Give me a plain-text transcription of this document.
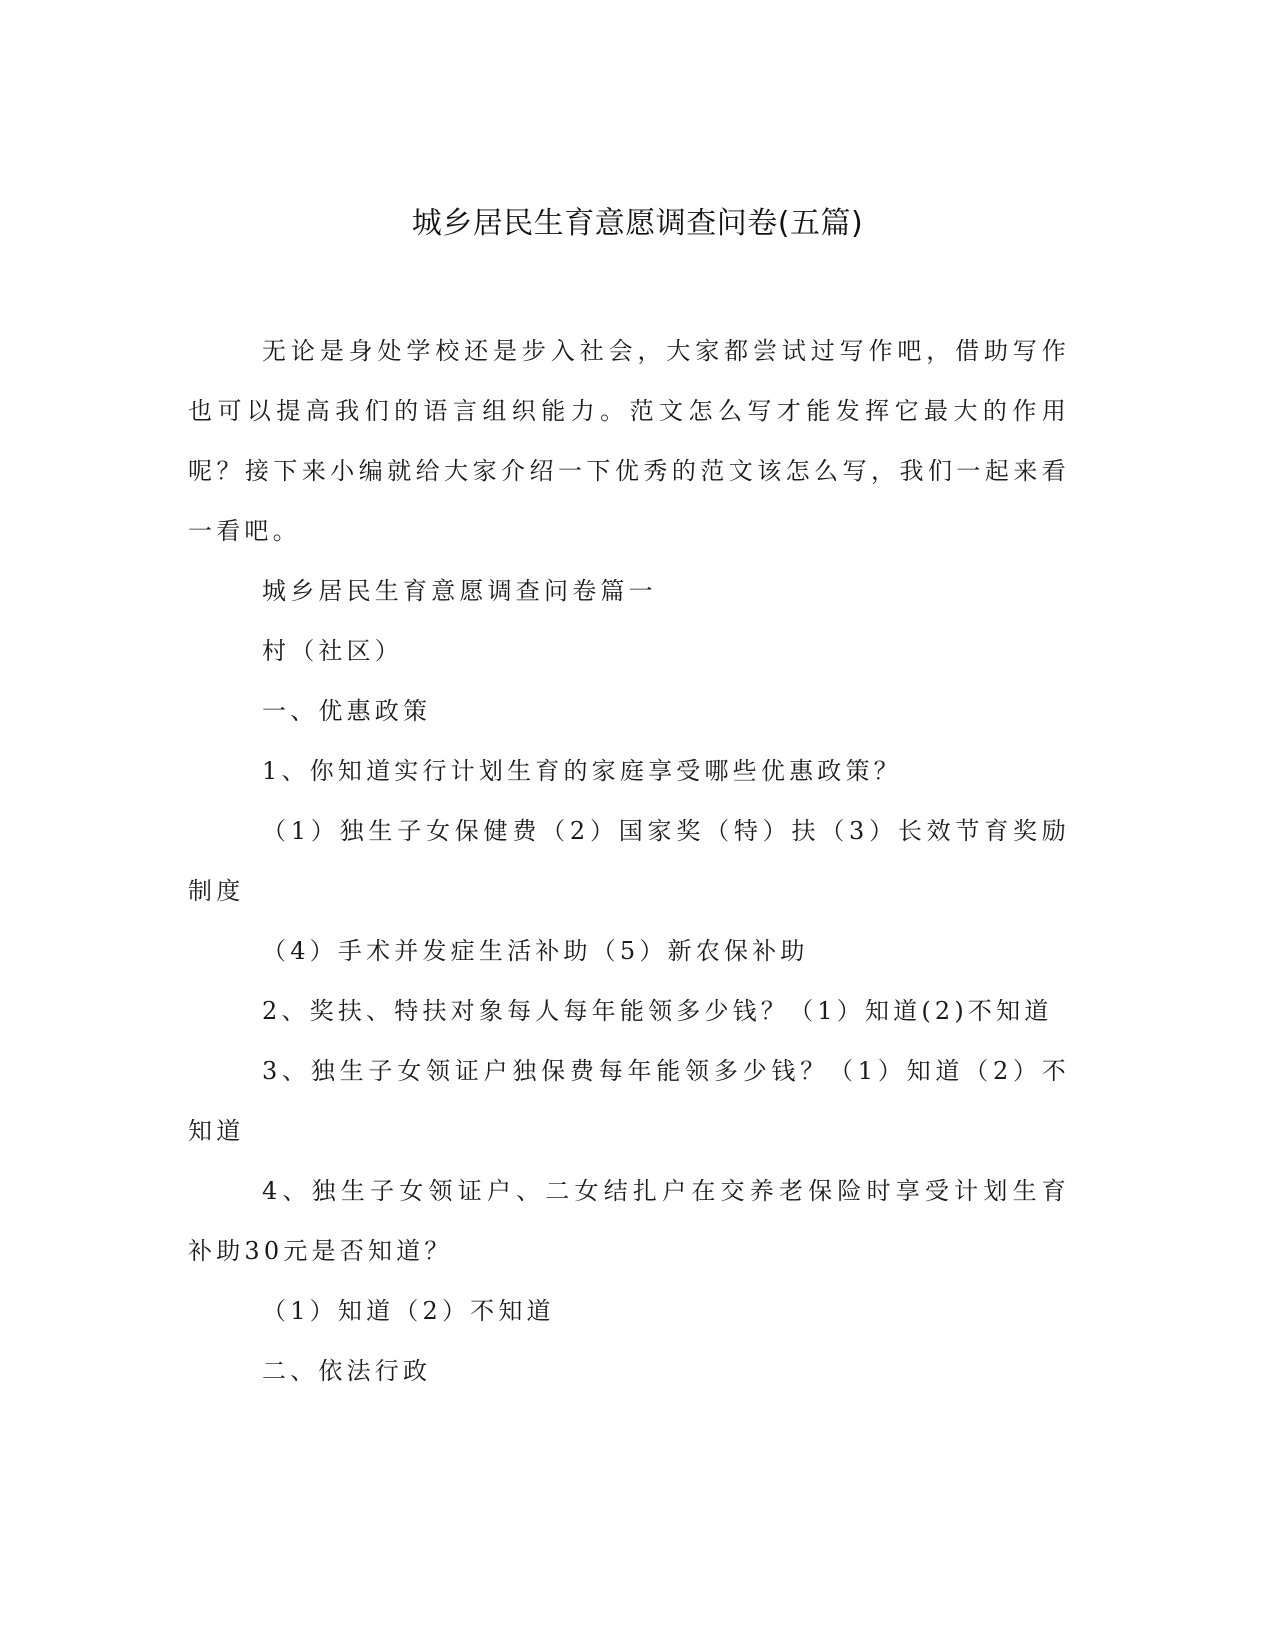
城乡居民生育意愿调查问卷(五篇)

无论是身处学校还是步入社会，大家都尝试过写作吧，借助写作也可以提高我们的语言组织能力。范文怎么写才能发挥它最大的作用呢？接下来小编就给大家介绍一下优秀的范文该怎么写，我们一起来看一看吧。

城乡居民生育意愿调查问卷篇一

村（社区）

一、优惠政策

1、你知道实行计划生育的家庭享受哪些优惠政策？

（1）独生子女保健费（2）国家奖（特）扶（3）长效节育奖励制度

（4）手术并发症生活补助（5）新农保补助

2、奖扶、特扶对象每人每年能领多少钱？（1）知道(2)不知道

3、独生子女领证户独保费每年能领多少钱？（1）知道（2）不知道

4、独生子女领证户、二女结扎户在交养老保险时享受计划生育补助30元是否知道？

（1）知道（2）不知道

二、依法行政
